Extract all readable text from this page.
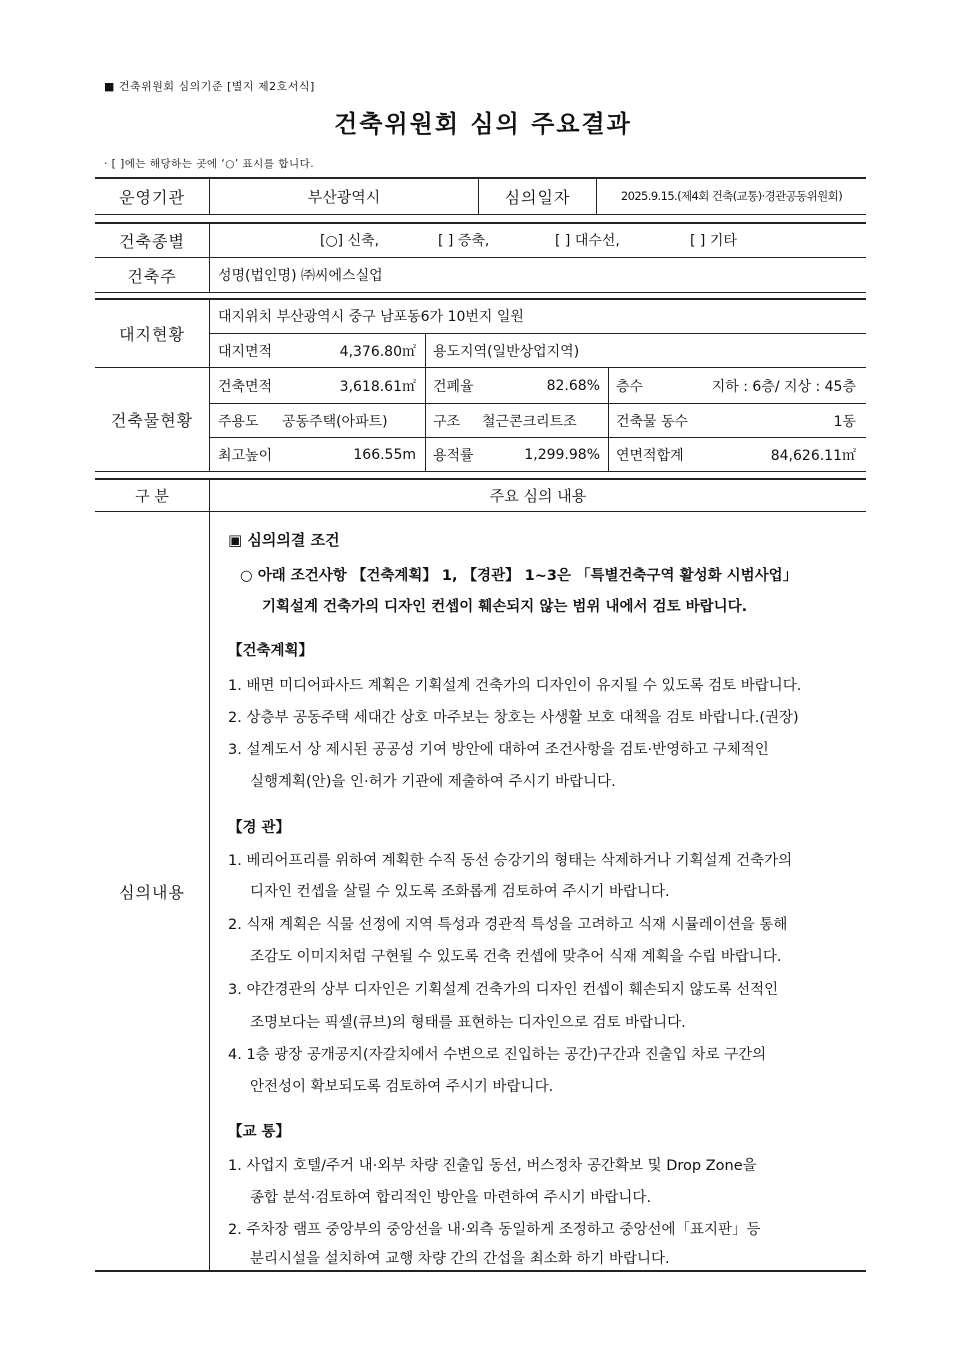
■ 건축위원회 심의기준 [별지 제2호서식]
건축위원회 심의 주요결과
· [ ]에는 해당하는 곳에 ‘○’ 표시를 합니다.
운영기관	부산광역시	심의일자	2025.9.15.(제4회 건축(교통)·경관공동위원회)
건축종별	[○] 신축,	[ ] 증축,	[ ] 대수선,	[ ] 기타
건축주	성명(법인명) ㈜씨에스실업
대지현황
대지위치 부산광역시 중구 남포동6가 10번지 일원
대지면적	4,376.80㎡ 용도지역(일반상업지역)
건축물현황
건축면적	3,618.61㎡ 건폐율	82.68% 층수	지하 : 6층/ 지상 : 45층
주용도	공동주택(아파트)	구조	철근콘크리트조	건축물 동수	1동
최고높이	166.55m 용적률	1,299.98% 연면적합계	84,626.11㎡
구 분	주요 심의 내용
심의내용
▣ 심의의결 조건
○ 아래 조건사항 【건축계획】 1, 【경관】 1~3은 「특별건축구역 활성화 시범사업」
기획설계 건축가의 디자인 컨셉이 훼손되지 않는 범위 내에서 검토 바랍니다.
【건축계획】
1. 배면 미디어파사드 계획은 기획설계 건축가의 디자인이 유지될 수 있도록 검토 바랍니다.
2. 상층부 공동주택 세대간 상호 마주보는 창호는 사생활 보호 대책을 검토 바랍니다.(권장)
3. 설계도서 상 제시된 공공성 기여 방안에 대하여 조건사항을 검토·반영하고 구체적인
실행계획(안)을 인·허가 기관에 제출하여 주시기 바랍니다.
【경 관】
1. 베리어프리를 위하여 계획한 수직 동선 승강기의 형태는 삭제하거나 기획설계 건축가의
디자인 컨셉을 살릴 수 있도록 조화롭게 검토하여 주시기 바랍니다.
2. 식재 계획은 식물 선정에 지역 특성과 경관적 특성을 고려하고 식재 시뮬레이션을 통해
조감도 이미지처럼 구현될 수 있도록 건축 컨셉에 맞추어 식재 계획을 수립 바랍니다.
3. 야간경관의 상부 디자인은 기획설계 건축가의 디자인 컨셉이 훼손되지 않도록 선적인
조명보다는 픽셀(큐브)의 형태를 표현하는 디자인으로 검토 바랍니다.
4. 1층 광장 공개공지(자갈치에서 수변으로 진입하는 공간)구간과 진출입 차로 구간의
안전성이 확보되도록 검토하여 주시기 바랍니다.
【교 통】
1. 사업지 호텔/주거 내·외부 차량 진출입 동선, 버스정차 공간확보 및 Drop Zone을
종합 분석·검토하여 합리적인 방안을 마련하여 주시기 바랍니다.
2. 주차장 램프 중앙부의 중앙선을 내·외측 동일하게 조정하고 중앙선에「표지판」등
분리시설을 설치하여 교행 차량 간의 간섭을 최소화 하기 바랍니다.
